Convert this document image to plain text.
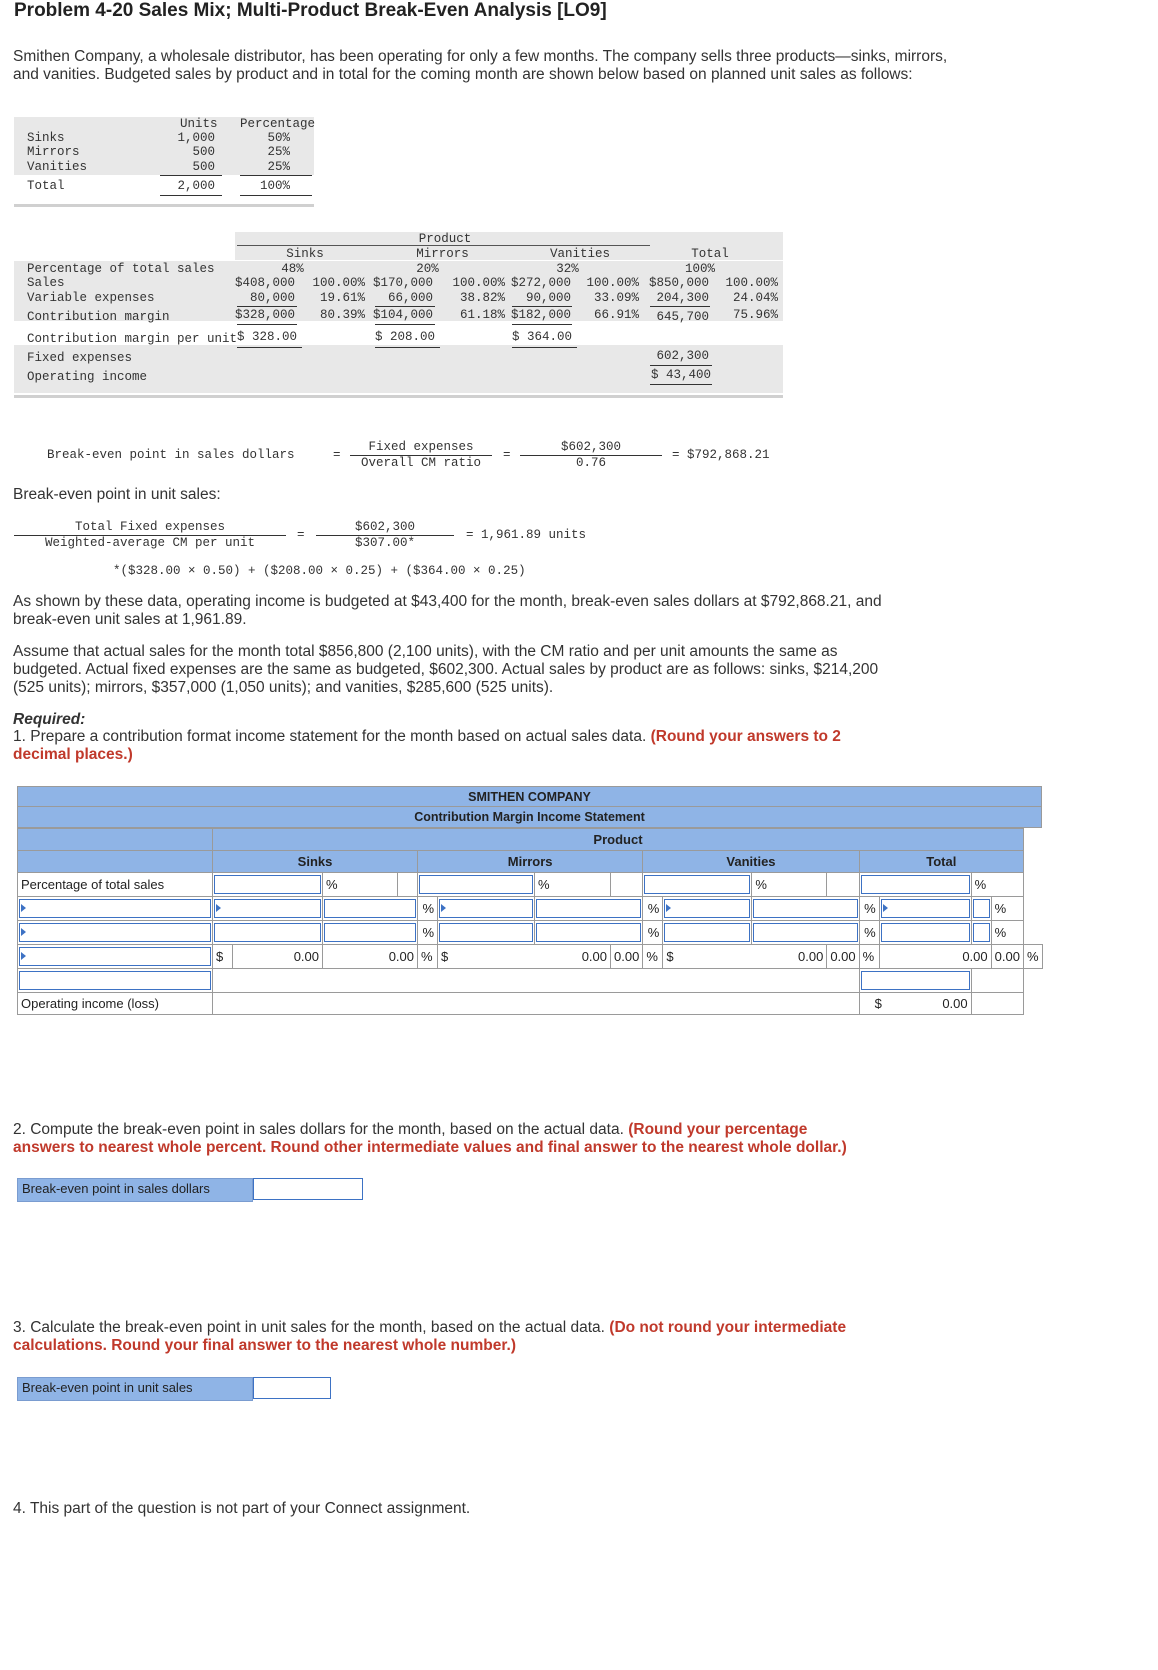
Problem 4-20 Sales Mix; Multi-Product Break-Even Analysis [LO9]
Smithen Company, a wholesale distributor, has been operating for only a few months. The company sells three products—sinks, mirrors, and vanities. Budgeted sales by product and in total for the coming month are shown below based on planned unit sales as follows:
Units Percentage
Sinks	1,000	50%
Mirrors	500	25%
Vanities	500	25%
Total	2,000	100%
Product
Sinks	Mirrors	Vanities	Total
Percentage of total sales	48%	20%	32%	100%
Sales	$408,000	100.00% $170,000	100.00% $272,000	100.00% $850,000	100.00%
Variable expenses	80,000	19.61%	66,000	38.82%	90,000	33.09%	204,300	24.04%
Contribution margin	$328,000	80.39% $104,000	61.18% $182,000	66.91%	645,700	75.96%
Contribution margin per unit $ 328.00	$ 208.00	$ 364.00
Fixed expenses	602,300
Operating income	$ 43,400
Break-even point in sales dollars	=
Fixed expenses
Overall CM ratio
=
$602,300
0.76
= $792,868.21
Break-even point in unit sales:
Total Fixed expenses
Weighted-average CM per unit
=
$602,300
$307.00*
= 1,961.89 units
*($328.00 × 0.50) + ($208.00 × 0.25) + ($364.00 × 0.25)
As shown by these data, operating income is budgeted at $43,400 for the month, break-even sales dollars at $792,868.21, and break-even unit sales at 1,961.89.
Assume that actual sales for the month total $856,800 (2,100 units), with the CM ratio and per unit amounts the same as budgeted. Actual fixed expenses are the same as budgeted, $602,300. Actual sales by product are as follows: sinks, $214,200 (525 units); mirrors, $357,000 (1,050 units); and vanities, $285,600 (525 units).
Required:
1. Prepare a contribution format income statement for the month based on actual sales data. (Round your answers to 2 decimal places.)
SMITHEN COMPANY
Contribution Margin Income Statement
	Product																
	Sinks				Mirrors				Vanities				Total				
Percentage of total sales			%				%				%				%		

			%				%				%			%	

			%				%				%			%	

	$	0.00	0.00		%	$ 0.00		0.00	%	$ 0.00		0.00	%	0.00		0.00	%

Operating income (loss)													$ 0.00				
2. Compute the break-even point in sales dollars for the month, based on the actual data. (Round your percentage answers to nearest whole percent. Round other intermediate values and final answer to the nearest whole dollar.)
Break-even point in sales dollars
3. Calculate the break-even point in unit sales for the month, based on the actual data. (Do not round your intermediate calculations. Round your final answer to the nearest whole number.)
Break-even point in unit sales
4. This part of the question is not part of your Connect assignment.
